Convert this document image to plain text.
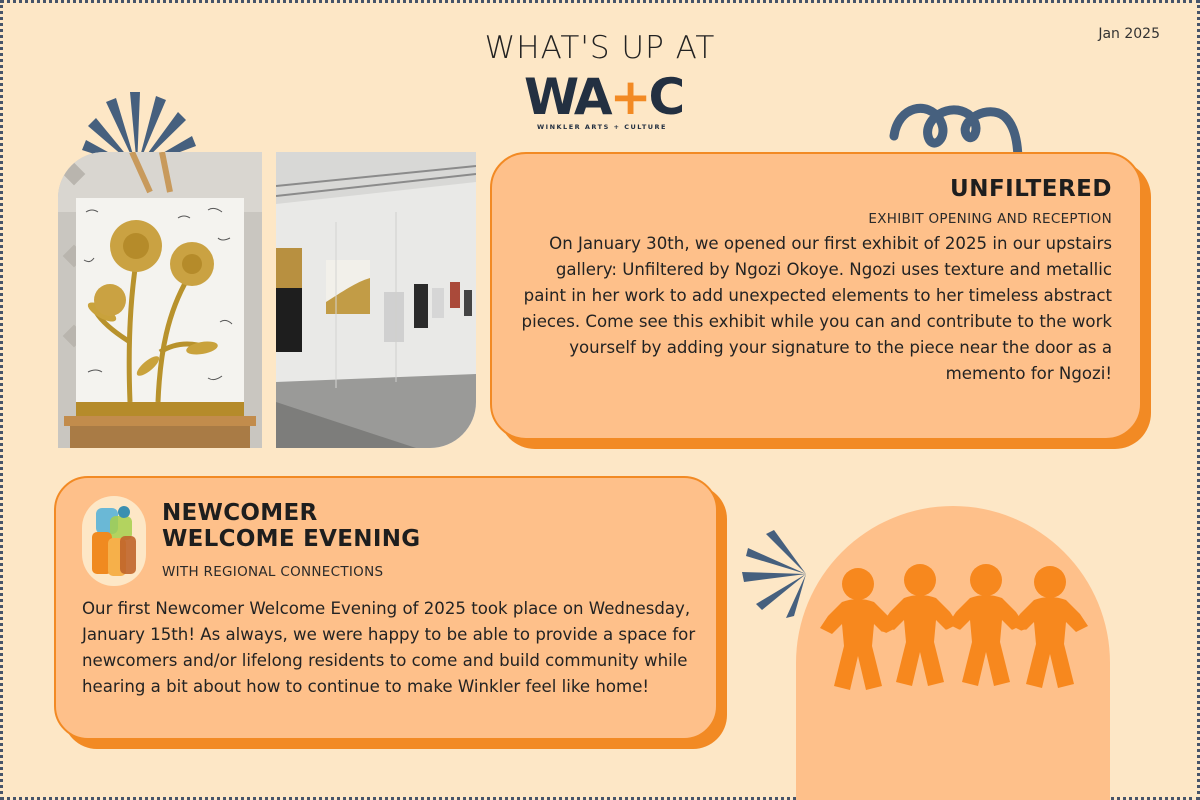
WHAT'S UP AT	Jan 2025
WA+C
WINKLER ARTS + CULTURE
UNFILTERED
EXHIBIT OPENING AND RECEPTION
On January 30th, we opened our first exhibit of 2025 in our upstairs gallery: Unfiltered by Ngozi Okoye. Ngozi uses texture and metallic paint in her work to add unexpected elements to her timeless abstract pieces. Come see this exhibit while you can and contribute to the work yourself by adding your signature to the piece near the door as a memento for Ngozi!
NEWCOMER
WELCOME EVENING
WITH REGIONAL CONNECTIONS
Our first Newcomer Welcome Evening of 2025 took place on Wednesday, January 15th! As always, we were happy to be able to provide a space for newcomers and/or lifelong residents to come and build community while hearing a bit about how to continue to make Winkler feel like home!
